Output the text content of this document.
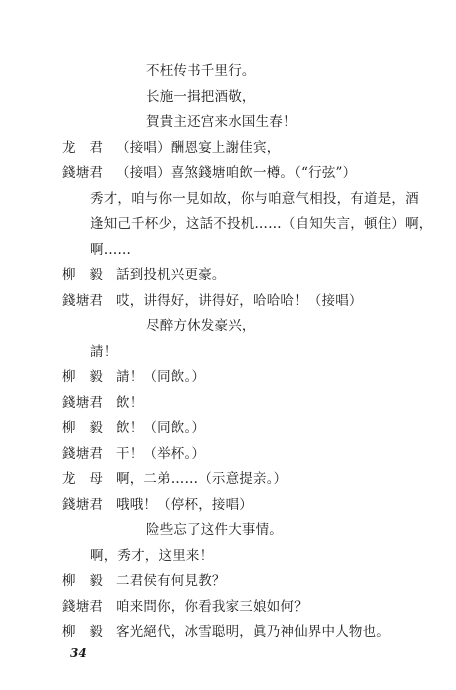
不枉传书千里行。
长施一揖把酒敬，
賀貴主还宫来水国生春！
龙　君 （接唱）酬恩宴上謝佳宾，
錢塘君 （接唱）喜煞錢塘咱飲一樽。（“行弦”）
秀才，咱与你一見如故，你与咱意气相投，有道是，酒
逢知己千杯少，这話不投机……（自知失言，頓住）啊，
啊……
柳　毅 話到投机兴更豪。
錢塘君 哎，讲得好，讲得好，哈哈哈！（接唱）
尽醉方休发豪兴，
請！
柳　毅 請！（同飲。）
錢塘君 飲！
柳　毅 飲！（同飲。）
錢塘君 干！（举杯。）
龙　母 啊，二弟……（示意提亲。）
錢塘君 哦哦！（停杯，接唱）
险些忘了这件大事情。
啊，秀才，这里来！
柳　毅 二君侯有何見教？
錢塘君 咱来問你，你看我家三娘如何？
柳　毅 客光絕代，冰雪聪明，眞乃神仙界中人物也。
34
